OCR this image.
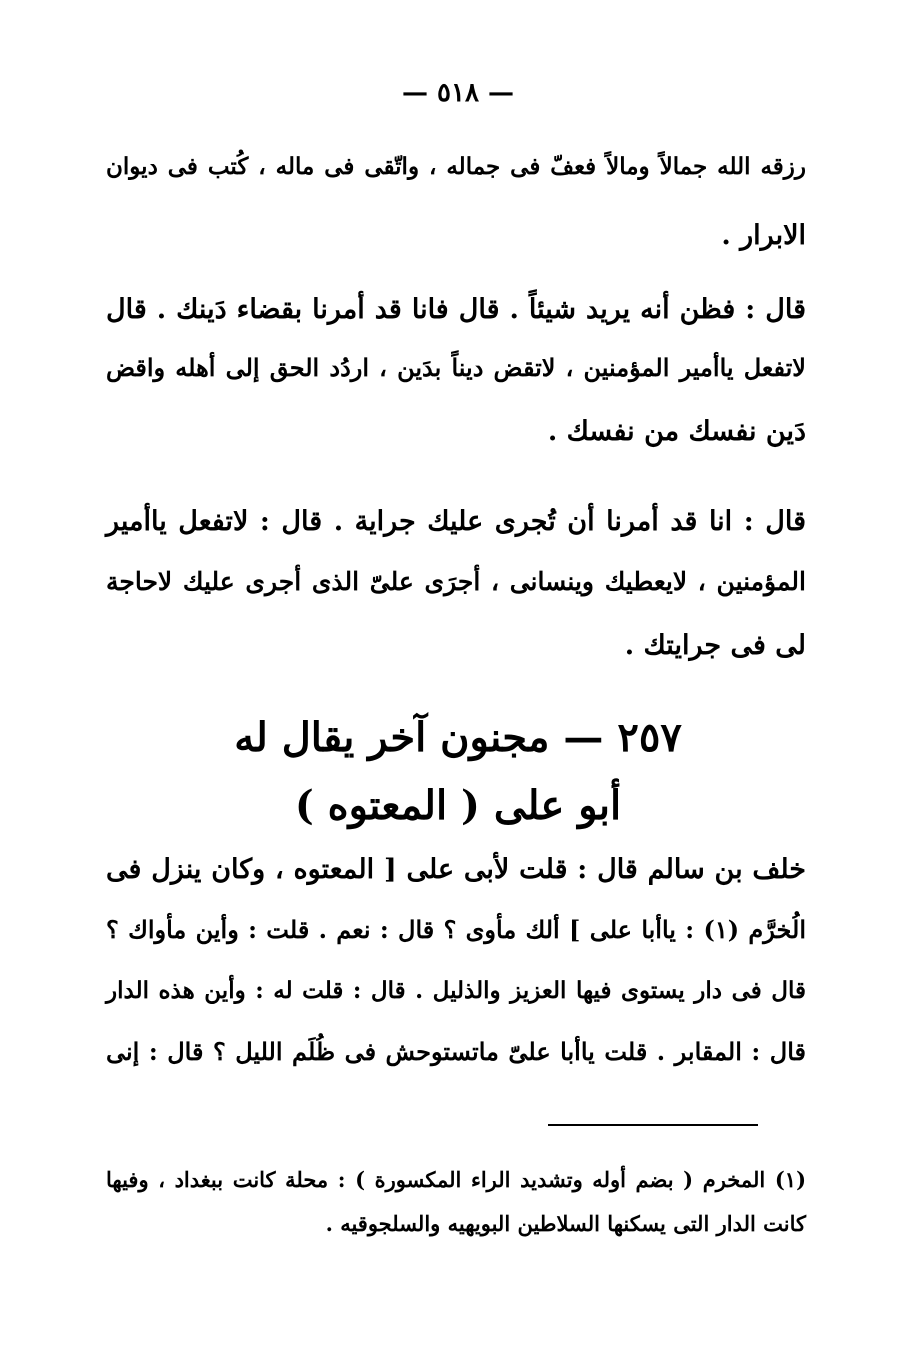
— ٥١٨ —
رزقه الله جمالاً ومالاً فعفّ فى جماله ، واتّقى فى ماله ، كُتب فى ديوان
الابرار .
قال : فظن أنه يريد شيئاً . قال فانا قد أمرنا بقضاء دَينك . قال
لاتفعل ياأمير المؤمنين ، لاتقض ديناً بدَين ، اردُد الحق إلى أهله واقض
دَين نفسك من نفسك .
قال : انا قد أمرنا أن تُجرى عليك جراية . قال : لاتفعل ياأمير
المؤمنين ، لايعطيك وينسانى ، أجرَى علىّ الذى أجرى عليك لاحاجة
لى فى جرايتك .
٢٥٧ — مجنون آخر يقال له
أبو على ( المعتوه )
خلف بن سالم قال : قلت لأبى على [ المعتوه ، وكان ينزل فى
الُخرَّم (١) : ياأبا على ] ألك مأوى ؟ قال : نعم . قلت : وأين مأواك ؟
قال فى دار يستوى فيها العزيز والذليل . قال : قلت له : وأين هذه الدار
قال : المقابر . قلت ياأبا علىّ ماتستوحش فى ظُلَم الليل ؟ قال : إنى
(١) المخرم ( بضم أوله وتشديد الراء المكسورة ) : محلة كانت ببغداد ، وفيها
كانت الدار التى يسكنها السلاطين البويهيه والسلجوقيه .
